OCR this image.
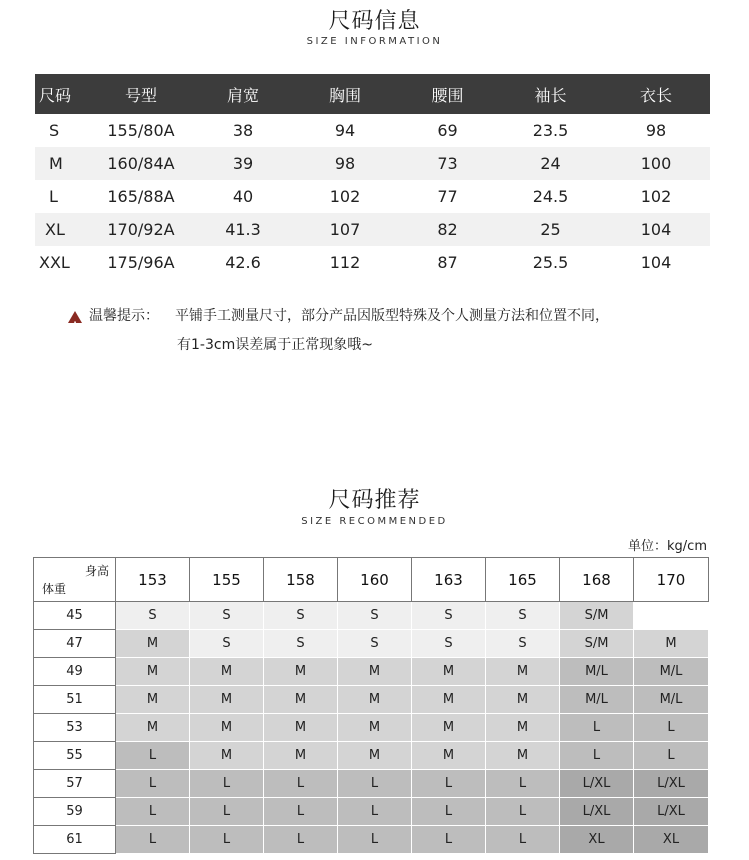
尺码信息
SIZE INFORMATION
尺码	号型	肩宽	胸围	腰围	袖长	衣长
S	155/80A	38	94	69	23.5	98
M	160/84A	39	98	73	24	100
L	165/88A	40	102	77	24.5	102
XL	170/92A	41.3	107	82	25	104
XXL	175/96A	42.6	112	87	25.5	104
!
温馨提示： 平铺手工测量尺寸，部分产品因版型特殊及个人测量方法和位置不同，
有1-3cm误差属于正常现象哦~
尺码推荐
SIZE RECOMMENDED
单位：kg/cm
身高
体重	153	155	158	160	163	165	168	170
45	S	S	S	S	S	S	S/M	
47	M	S	S	S	S	S	S/M	M
49	M	M	M	M	M	M	M/L	M/L
51	M	M	M	M	M	M	M/L	M/L
53	M	M	M	M	M	M	L	L
55	L	M	M	M	M	M	L	L
57	L	L	L	L	L	L	L/XL	L/XL
59	L	L	L	L	L	L	L/XL	L/XL
61	L	L	L	L	L	L	XL	XL
